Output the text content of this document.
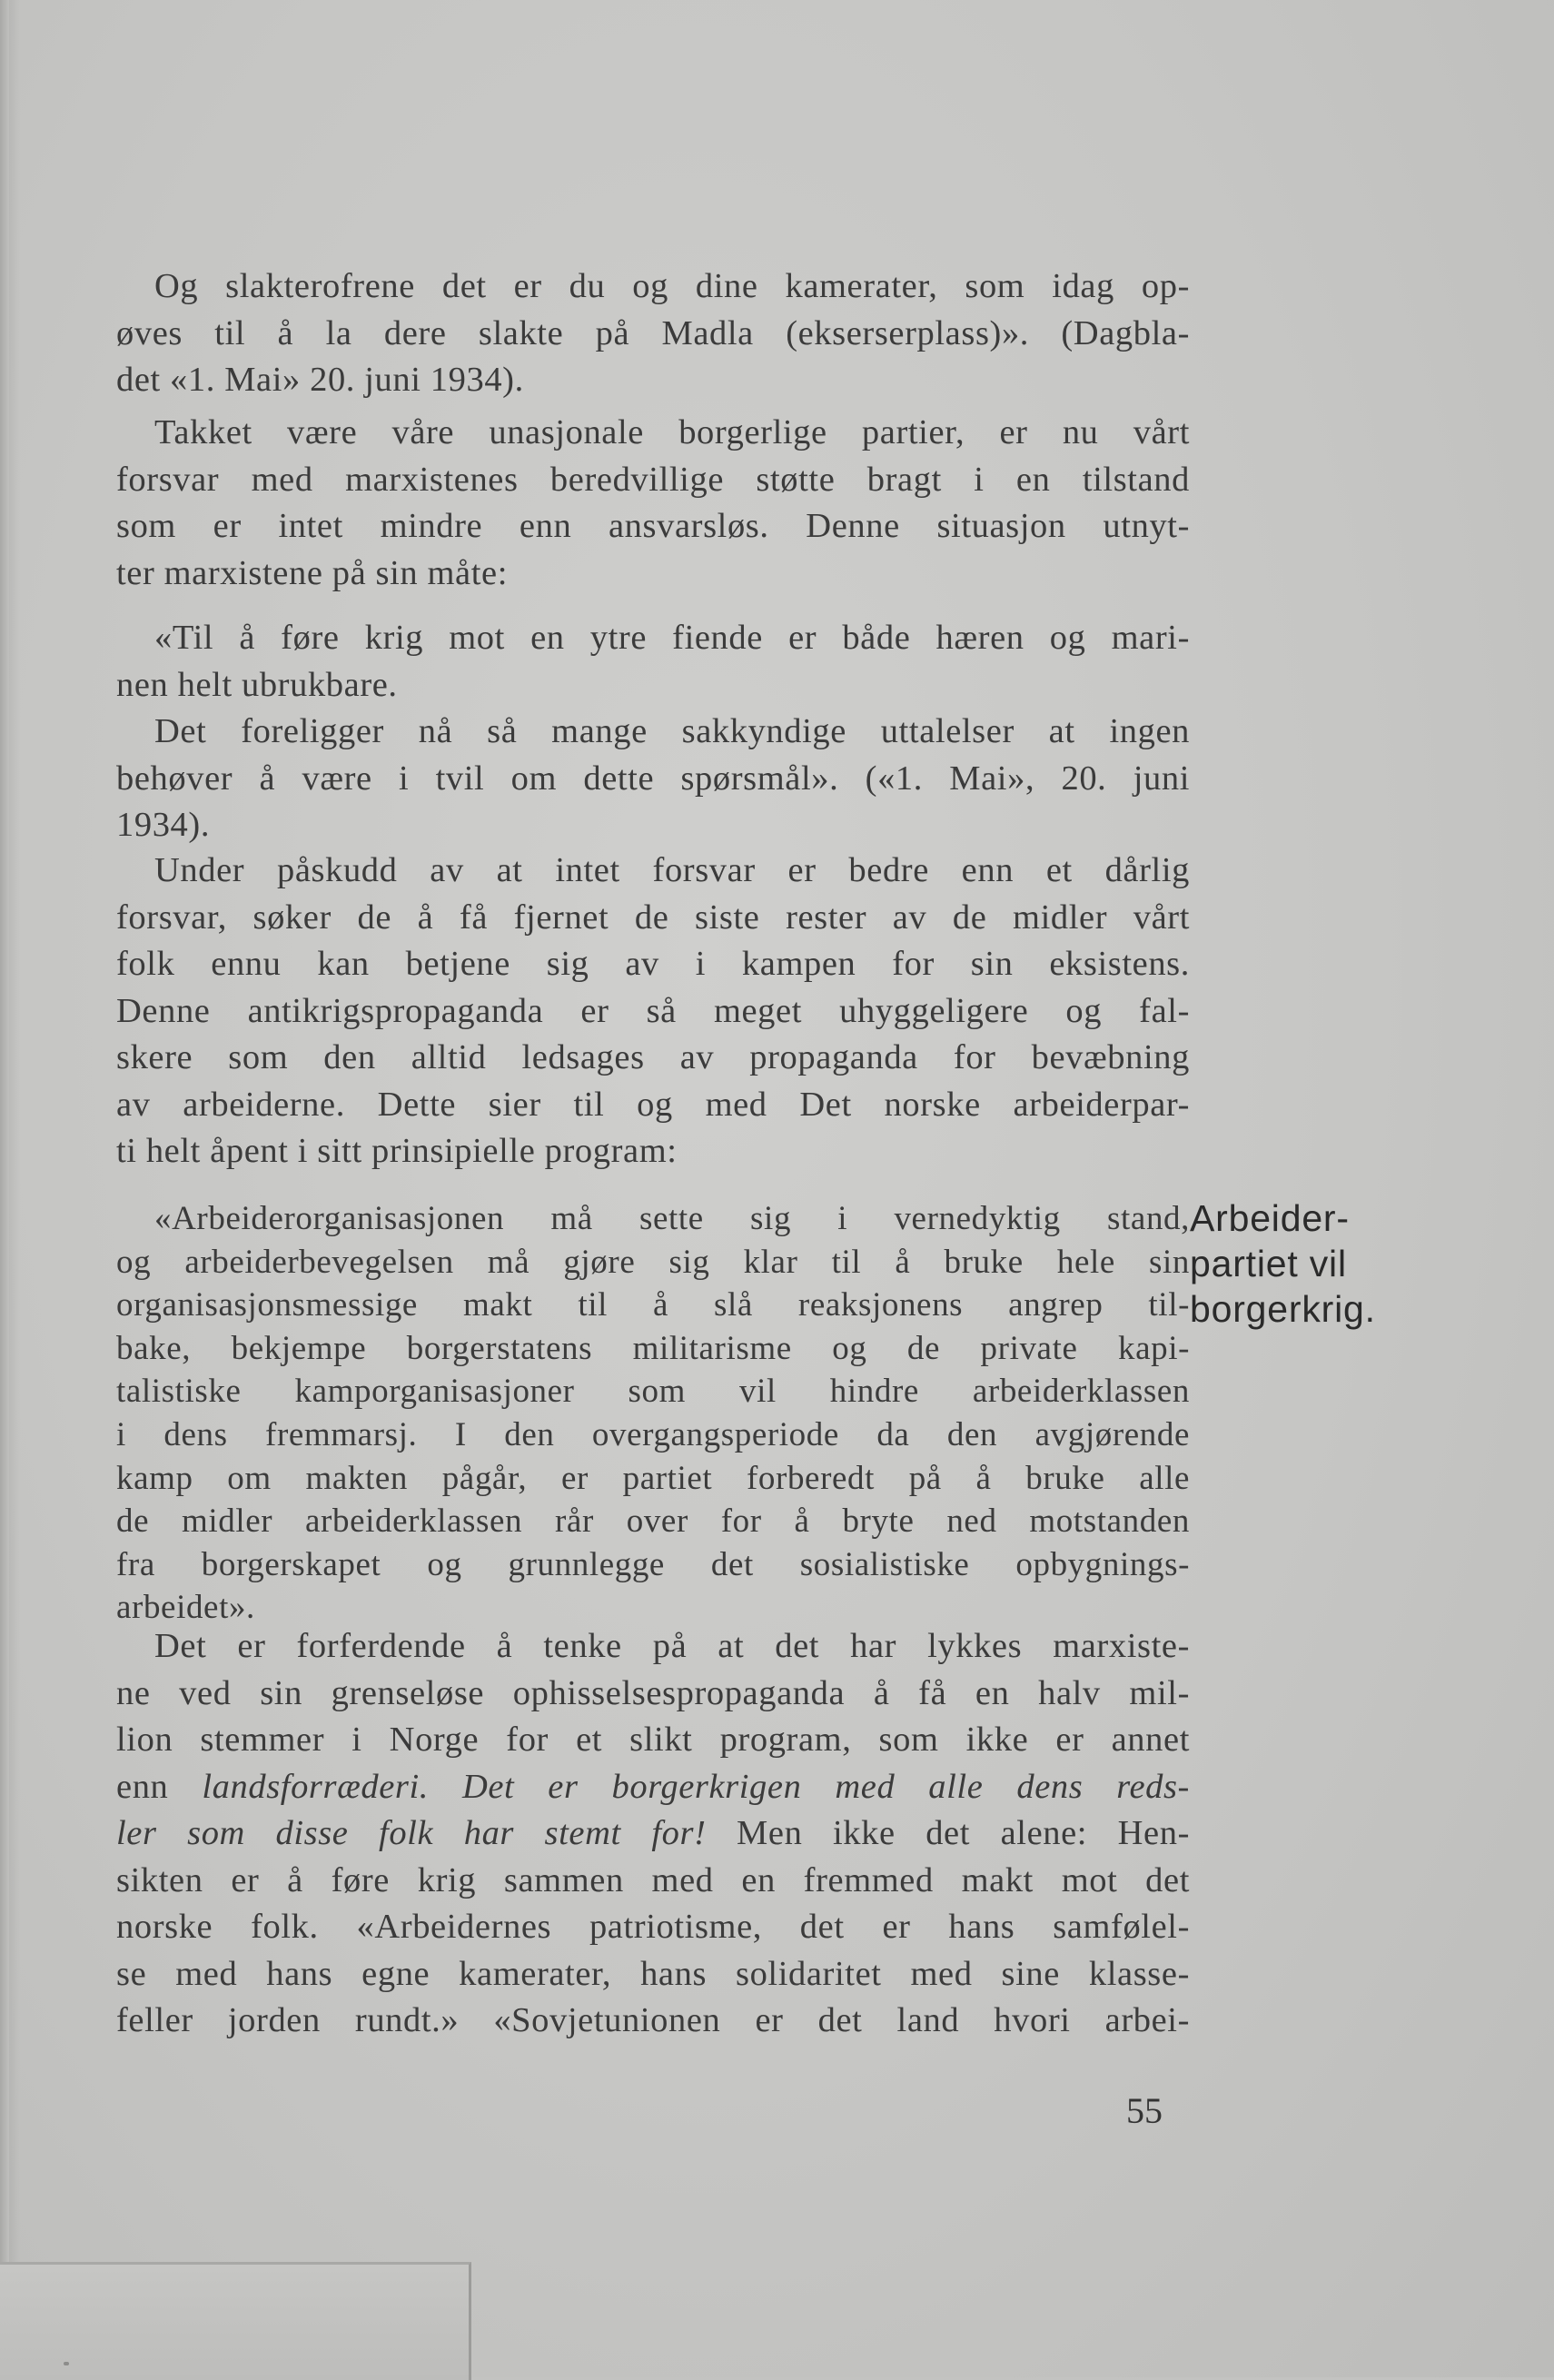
Og slakterofrene det er du og dine kamerater, som idag op-
øves til å la dere slakte på Madla (ekserserplass)». (Dagbla-
det «1. Mai» 20. juni 1934).

Takket være våre unasjonale borgerlige partier, er nu vårt
forsvar med marxistenes beredvillige støtte bragt i en tilstand
som er intet mindre enn ansvarsløs. Denne situasjon utnyt-
ter marxistene på sin måte:

«Til å føre krig mot en ytre fiende er både hæren og mari-
nen helt ubrukbare.
Det foreligger nå så mange sakkyndige uttalelser at ingen
behøver å være i tvil om dette spørsmål». («1. Mai», 20. juni
1934).

Under påskudd av at intet forsvar er bedre enn et dårlig
forsvar, søker de å få fjernet de siste rester av de midler vårt
folk ennu kan betjene sig av i kampen for sin eksistens.
Denne antikrigspropaganda er så meget uhyggeligere og fal-
skere som den alltid ledsages av propaganda for bevæbning
av arbeiderne. Dette sier til og med Det norske arbeiderpar-
ti helt åpent i sitt prinsipielle program:

«Arbeiderorganisasjonen må sette sig i vernedyktig stand,
og arbeiderbevegelsen må gjøre sig klar til å bruke hele sin
organisasjonsmessige makt til å slå reaksjonens angrep til-
bake, bekjempe borgerstatens militarisme og de private kapi-
talistiske kamporganisasjoner som vil hindre arbeiderklassen
i dens fremmarsj. I den overgangsperiode da den avgjørende
kamp om makten pågår, er partiet forberedt på å bruke alle
de midler arbeiderklassen rår over for å bryte ned motstanden
fra borgerskapet og grunnlegge det sosialistiske opbygnings-
arbeidet».

Arbeider-
partiet vil
borgerkrig.

Det er forferdende å tenke på at det har lykkes marxiste-
ne ved sin grenseløse ophisselsespropaganda å få en halv mil-
lion stemmer i Norge for et slikt program, som ikke er annet
enn landsforræderi. Det er borgerkrigen med alle dens reds-
ler som disse folk har stemt for! Men ikke det alene: Hen-
sikten er å føre krig sammen med en fremmed makt mot det
norske folk. «Arbeidernes patriotisme, det er hans samfølel-
se med hans egne kamerater, hans solidaritet med sine klasse-
feller jorden rundt.» «Sovjetunionen er det land hvori arbei-

55
